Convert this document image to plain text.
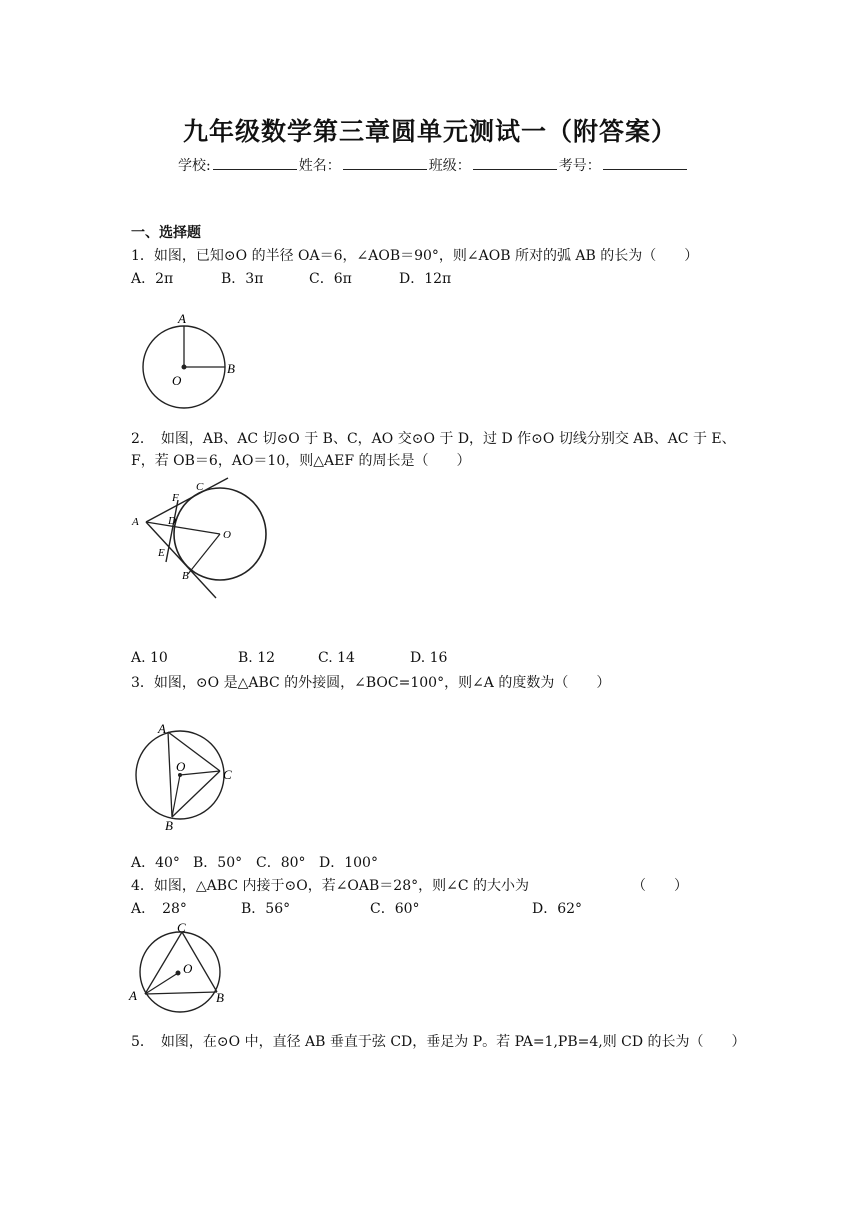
九年级数学第三章圆单元测试一（附答案）
学校:	姓名：	班级：	考号：
一、选择题
1．如图，已知⊙O 的半径 OA＝6，∠AOB＝90°，则∠AOB 所对的弧 AB 的长为（　　）
A．2π	B．3π	C．6π	D．12π
A
B
O
2．　如图，AB、AC 切⊙O 于 B、C，AO 交⊙O 于 D，过 D 作⊙O 切线分别交 AB、AC 于 E、
F，若 OB＝6，AO＝10，则△AEF 的周长是（　　）
F
C
A	D
O
E
B
A. 10	B. 12	C. 14	D. 16
3．如图，⊙O 是△ABC 的外接圆，∠BOC=100°，则∠A 的度数为（　　）
A
O
C
B
A．40° B．50° C．80° D．100°
4．如图，△ABC 内接于⊙O，若∠OAB＝28°，则∠C 的大小为	（　　）
A．　28°	B．56°	C．60°	D．62°
C
O
A	B
5．　如图，在⊙O 中，直径 AB 垂直于弦 CD，垂足为 P。若 PA=1,PB=4,则 CD 的长为（　　）
